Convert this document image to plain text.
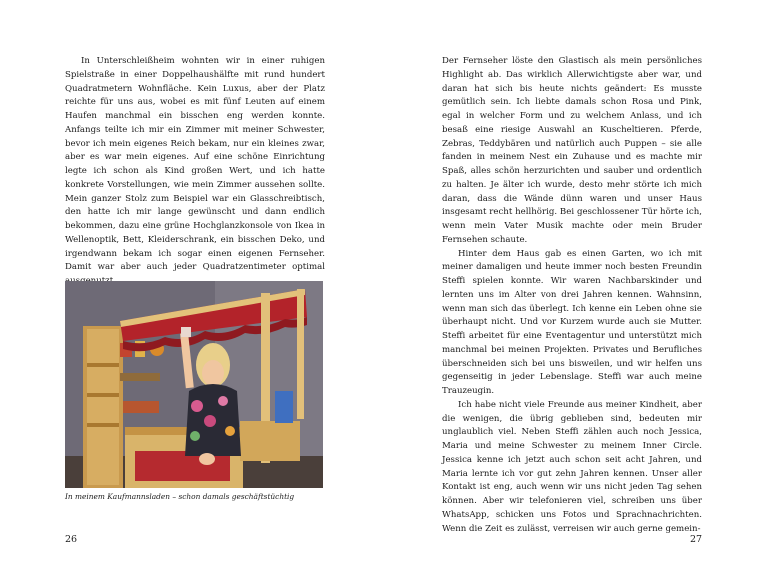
In Unterschleißheim wohnten wir in einer ruhigen Spielstraße in einer Doppelhaushälfte mit rund hundert Quadratmetern Wohnfläche. Kein Luxus, aber der Platz reichte für uns aus, wobei es mit fünf Leuten auf einem Haufen manchmal ein bisschen eng werden konnte. Anfangs teilte ich mir ein Zimmer mit meiner Schwester, bevor ich mein eigenes Reich bekam, nur ein kleines zwar, aber es war mein eigenes. Auf eine schöne Einrichtung legte ich schon als Kind großen Wert, und ich hatte konkrete Vorstellungen, wie mein Zimmer aussehen sollte. Mein ganzer Stolz zum Beispiel war ein Glasschreibtisch, den hatte ich mir lange gewünscht und dann endlich bekommen, dazu eine grüne Hochglanzkonsole von Ikea in Wellenoptik, Bett, Kleiderschrank, ein bisschen Deko, und irgendwann bekam ich sogar einen eigenen Fernseher. Damit war aber auch jeder Quadratzentimeter optimal

In meinem Kaufmannsladen – schon damals geschäftstüchtig
26

Der Fernseher löste den Glastisch als mein persönliches Highlight ab. Das wirklich Allerwichtigste aber war, und daran hat sich bis heute nichts geändert: Es musste gemütlich sein. Ich liebte damals schon Rosa und Pink, egal in welcher Form und zu welchem Anlass, und ich besaß eine riesige Auswahl an Kuscheltieren. Pferde, Zebras, Teddybären und natürlich auch Puppen – sie alle fanden in meinem Nest ein Zuhause und es machte mir Spaß, alles schön herzurichten und sauber und ordentlich zu halten. Je älter ich wurde, desto mehr störte ich mich daran, dass die Wände dünn waren und unser Haus insgesamt recht hellhörig. Bei geschlossener Tür hörte ich, wenn mein Vater Musik machte oder mein Bruder Fernsehen schaute.

Hinter dem Haus gab es einen Garten, wo ich mit meiner damaligen und heute immer noch besten Freundin Steffi spielen konnte. Wir waren Nachbarskinder und lernten uns im Alter von drei Jahren kennen. Wahnsinn, wenn man sich das überlegt. Ich kenne ein Leben ohne sie überhaupt nicht. Und vor Kurzem wurde auch sie Mutter. Steffi arbeitet für eine Eventagentur und unterstützt mich manchmal bei meinen Projekten. Privates und Berufliches überschneiden sich bei uns bisweilen, und wir helfen uns gegenseitig in jeder Lebenslage. Steffi war auch meine Trauzeugin.

Ich habe nicht viele Freunde aus meiner Kindheit, aber die wenigen, die übrig geblieben sind, bedeuten mir unglaublich viel. Neben Steffi zählen auch noch Jessica, Maria und meine Schwester zu meinem Inner Circle. Jessica kenne ich jetzt auch schon seit acht Jahren, und Maria lernte ich vor gut zehn Jahren kennen. Unser aller Kontakt ist eng, auch wenn wir uns nicht jeden Tag sehen können. Aber wir telefonieren viel, schreiben uns über WhatsApp, schicken uns Fotos und Sprachnachrichten. Wenn die Zeit es zulässt, verreisen wir auch gerne gemein-

27
